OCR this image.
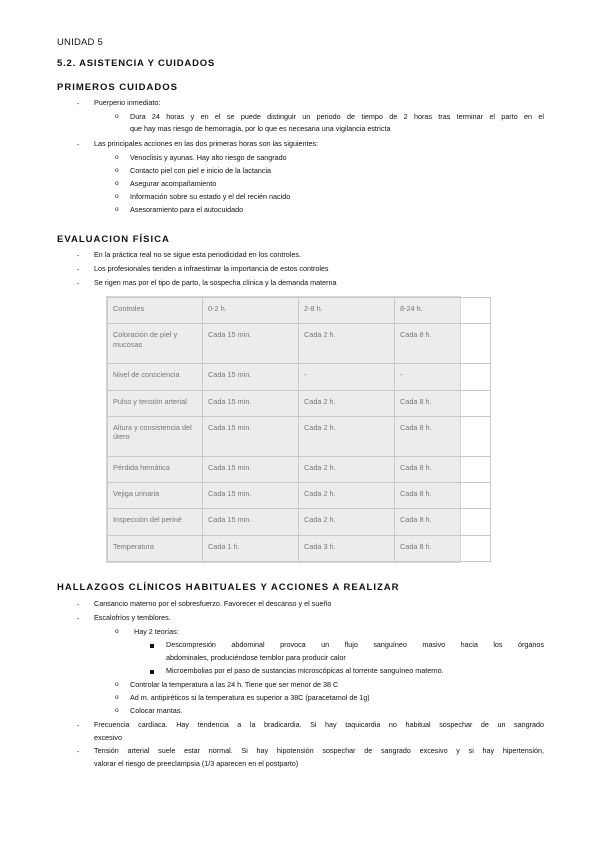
UNIDAD 5
5.2. ASISTENCIA Y CUIDADOS
PRIMEROS CUIDADOS
- Puerperio inmediato:
o Dura 24 horas y en el se puede distinguir un periodo de tiempo de 2 horas tras terminar el parto en el
que hay mas riesgo de hemorragia, por lo que es necesaria una vigilancia estricta
- Las principales acciones en las dos primeras horas son las siguientes:
o Venoclisis y ayunas. Hay alto riesgo de sangrado
o Contacto piel con piel e inicio de la lactancia
o Asegurar acompañamiento
o Información sobre su estado y el del recién nacido
o Asesoramiento para el autocuidado
EVALUACION FÍSICA
- En la práctica real no se sigue esta periodicidad en los controles.
- Los profesionales tienden a infraestimar la importancia de estos controles
- Se rigen mas por el tipo de parto, la sospecha clínica y la demanda materna
Controles	0-2 h.	2-8 h.	8-24 h.
Coloración de piel y mucosas	Cada 15 min.	Cada 2 h.	Cada 8 h.
Nivel de consciencia	Cada 15 min.	-	-
Pulso y tensión arterial	Cada 15 min.	Cada 2 h.	Cada 8 h.
Altura y consistencia del útero	Cada 15 min.	Cada 2 h.	Cada 8 h.
Pérdida hemática	Cada 15 min.	Cada 2 h.	Cada 8 h.
Vejiga urinaria	Cada 15 min.	Cada 2 h.	Cada 8 h.
Inspección del periné	Cada 15 min.	Cada 2 h.	Cada 8 h.
Temperatura	Cada 1 h.	Cada 3 h.	Cada 8 h.
HALLAZGOS CLÍNICOS HABITUALES Y ACCIONES A REALIZAR
- Cansancio materno por el sobresfuerzo. Favorecer el descanso y el sueño
- Escalofríos y temblores.
o Hay 2 teorías:
Descompresión abdominal provoca un flujo sanguíneo masivo hacia los órganos
abdominales, produciéndose temblor para producir calor
Microembolias por el paso de sustancias microscópicas al torrente sanguíneo materno.
o Controlar la temperatura a las 24 h. Tiene que ser menor de 38 C
o Ad m. antipiréticos si la temperatura es superior a 38C (paracetamol de 1g)
o Colocar mantas.
- Frecuencia cardíaca. Hay tendencia a la bradicardia. Si hay taquicardia no habitual sospechar de un sangrado
excesivo
- Tensión arterial suele estar normal. Si hay hipotensión sospechar de sangrado excesivo y si hay hipertensión,
valorar el riesgo de preeclampsia (1/3 aparecen en el postparto)
